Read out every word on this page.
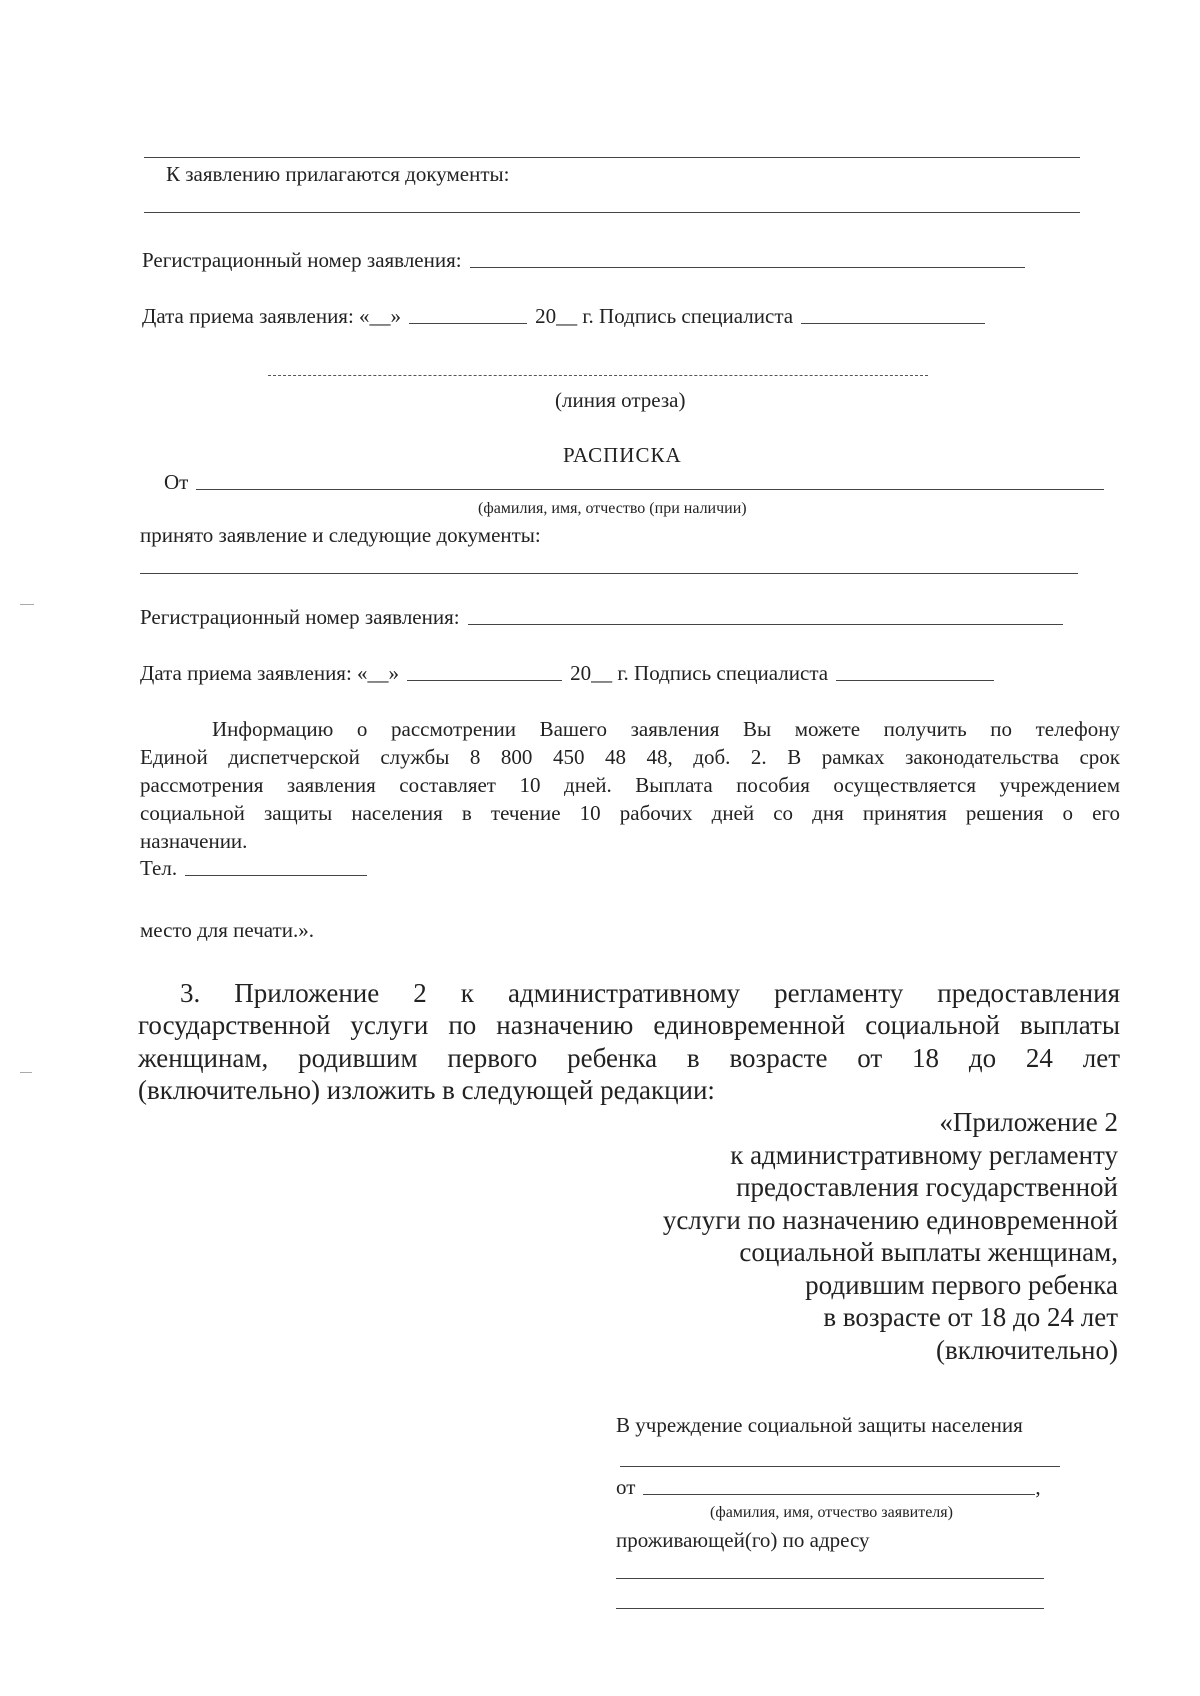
К заявлению прилагаются документы:
Регистрационный номер заявления:
Дата приема заявления: «__»	20__ г. Подпись специалиста
(линия отреза)
РАСПИСКА
От
(фамилия, имя, отчество (при наличии)
принято заявление и следующие документы:
Регистрационный номер заявления:
Дата приема заявления: «__»	20__ г. Подпись специалиста
Информацию о рассмотрении Вашего заявления Вы можете получить по телефону
Единой диспетчерской службы 8 800 450 48 48, доб. 2. В рамках законодательства срок
рассмотрения заявления составляет 10 дней. Выплата пособия осуществляется учреждением
социальной защиты населения в течение 10 рабочих дней со дня принятия решения о его
назначении.
Тел.
место для печати.».
3. Приложение 2 к административному регламенту предоставления
государственной услуги по назначению единовременной социальной выплаты
женщинам, родившим первого ребенка в возрасте от 18 до 24 лет
(включительно) изложить в следующей редакции:
«Приложение 2
к административному регламенту
предоставления государственной
услуги по назначению единовременной
социальной выплаты женщинам,
родившим первого ребенка
в возрасте от 18 до 24 лет
(включительно)
В учреждение социальной защиты населения
от	,
(фамилия, имя, отчество заявителя)
проживающей(го) по адресу
